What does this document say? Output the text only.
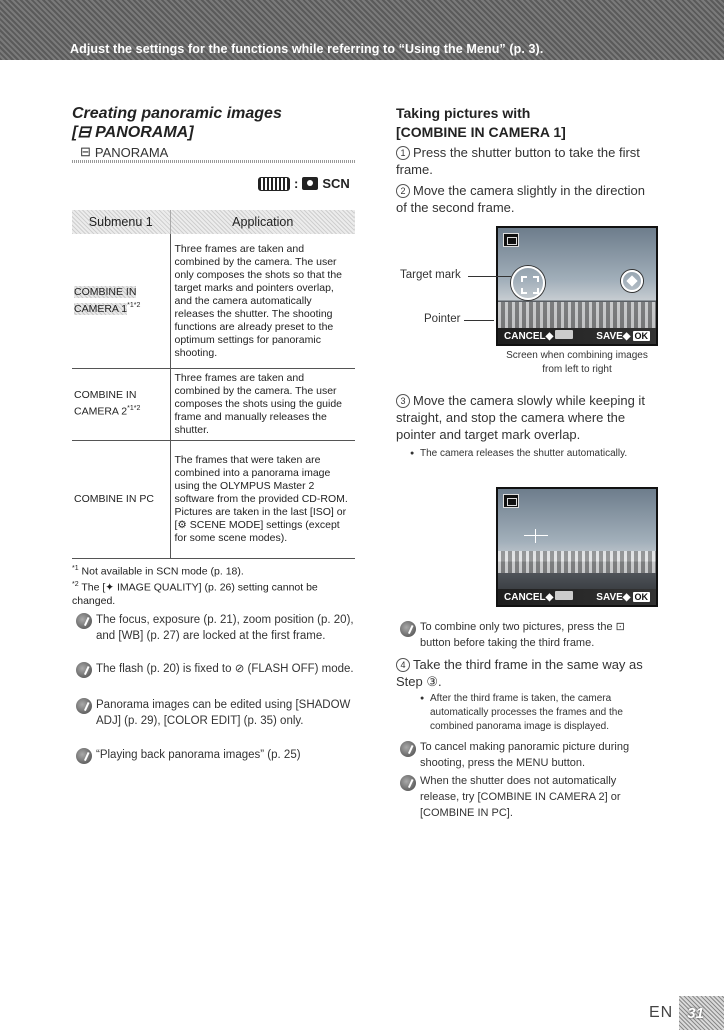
Adjust the settings for the functions while referring to “Using the Menu” (p. 3).
Creating panoramic images
[⊟ PANORAMA]
⊟ PANORAMA
: SCN
Submenu 1	Application
COMBINE IN CAMERA $1^{*1*2}$	Three frames are taken and combined by the camera. The user only composes the shots so that the target marks and pointers overlap, and the camera automatically releases the shutter. The shooting functions are already preset to the optimum settings for panoramic shooting.
COMBINE IN CAMERA $2^{*1*2}$	Three frames are taken and combined by the camera. The user composes the shots using the guide frame and manually releases the shutter.
COMBINE IN PC	The frames that were taken are combined into a panorama image using the OLYMPUS Master 2 software from the provided CD-ROM. Pictures are taken in the last [ISO] or [⚙ SCENE MODE] settings (except for some scene modes).
$^{*1}$ Not available in SCN mode (p. 18).
$^{*2}$ The [✦ IMAGE QUALITY] (p. 26) setting cannot be changed.
The focus, exposure (p. 21), zoom position (p. 20), and [WB] (p. 27) are locked at the first frame.
The flash (p. 20) is fixed to ⊘ (FLASH OFF) mode.
Panorama images can be edited using [SHADOW ADJ] (p. 29), [COLOR EDIT] (p. 35) only.
“Playing back panorama images” (p. 25)
Taking pictures with
[COMBINE IN CAMERA 1]
1 Press the shutter button to take the first frame.
2 Move the camera slightly in the direction of the second frame.
CANCEL◆	SAVE◆ OK
Target mark
Pointer
Screen when combining images from left to right
3 Move the camera slowly while keeping it straight, and stop the camera where the pointer and target mark overlap.
● The camera releases the shutter automatically.
CANCEL◆	SAVE◆ OK
To combine only two pictures, press the ⊡ button before taking the third frame.
4 Take the third frame in the same way as Step ③.
● After the third frame is taken, the camera automatically processes the frames and the combined panorama image is displayed.
To cancel making panoramic picture during shooting, press the MENU button.
When the shutter does not automatically release, try [COMBINE IN CAMERA 2] or [COMBINE IN PC].
EN 31
